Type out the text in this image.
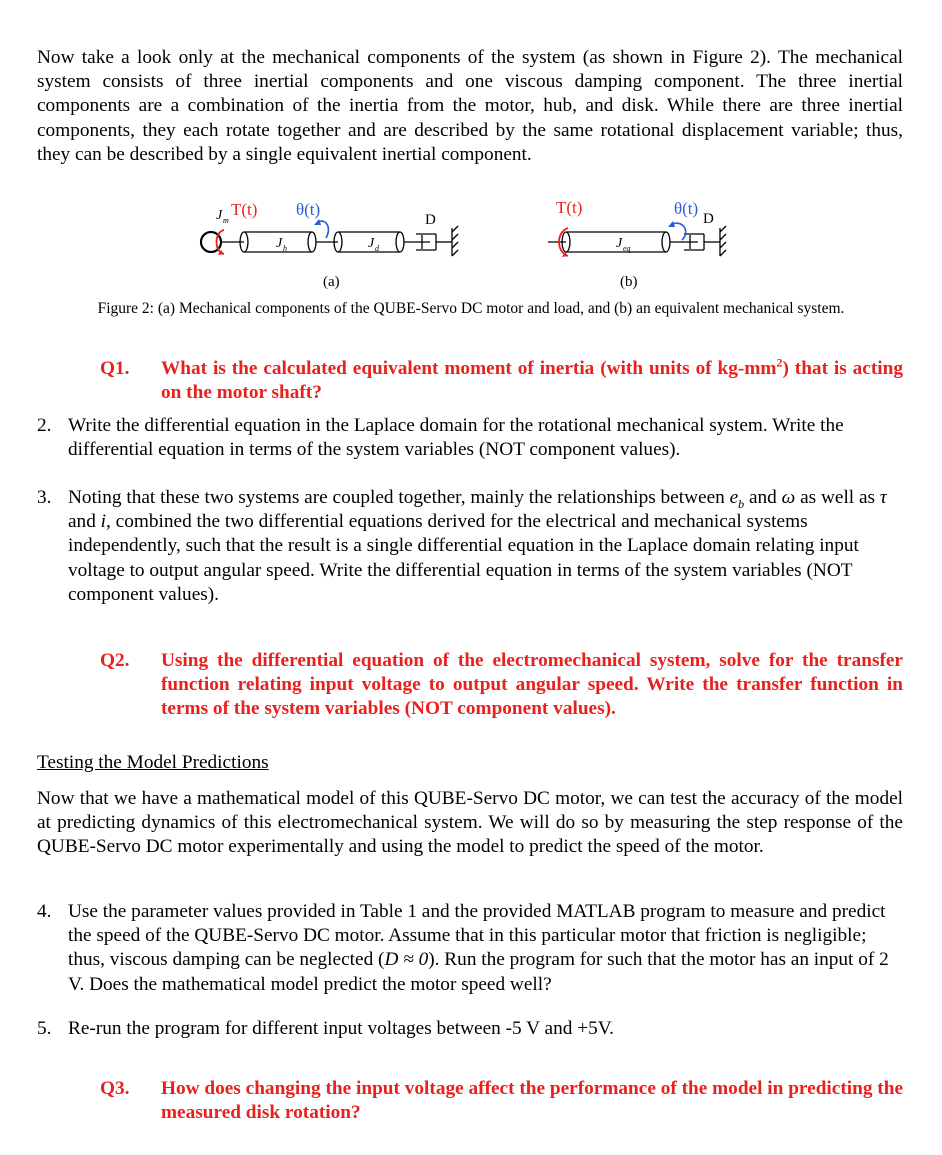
Now take a look only at the mechanical components of the system (as shown in Figure 2). The mechanical system consists of three inertial components and one viscous damping component. The three inertial components are a combination of the inertia from the motor, hub, and disk. While there are three inertial components, they each rotate together and are described by the same rotational displacement variable; thus, they can be described by a single equivalent inertial component.
J m
T(t) θ(t)
J h	J d
D
(a)
T(t)	θ(t)
D
J eq
(b)
Figure 2: (a) Mechanical components of the QUBE-Servo DC motor and load, and (b) an equivalent mechanical system.
Q1. What is the calculated equivalent moment of inertia (with units of $kg-mm^2$) that is acting on the motor shaft?
2. Write the differential equation in the Laplace domain for the rotational mechanical system. Write the differential equation in terms of the system variables (NOT component values).
3. Noting that these two systems are coupled together, mainly the relationships between $e_b$ and ω as well as τ and i, combined the two differential equations derived for the electrical and mechanical systems independently, such that the result is a single differential equation in the Laplace domain relating input voltage to output angular speed. Write the differential equation in terms of the system variables (NOT component values).
Q2. Using the differential equation of the electromechanical system, solve for the transfer function relating input voltage to output angular speed. Write the transfer function in terms of the system variables (NOT component values).
Testing the Model Predictions
Now that we have a mathematical model of this QUBE-Servo DC motor, we can test the accuracy of the model at predicting dynamics of this electromechanical system. We will do so by measuring the step response of the QUBE-Servo DC motor experimentally and using the model to predict the speed of the motor.
4. Use the parameter values provided in Table 1 and the provided MATLAB program to measure and predict the speed of the QUBE-Servo DC motor. Assume that in this particular motor that friction is negligible; thus, viscous damping can be neglected (D ≈ 0). Run the program for such that the motor has an input of 2 V. Does the mathematical model predict the motor speed well?
5. Re-run the program for different input voltages between -5 V and +5V.
Q3. How does changing the input voltage affect the performance of the model in predicting the measured disk rotation?
